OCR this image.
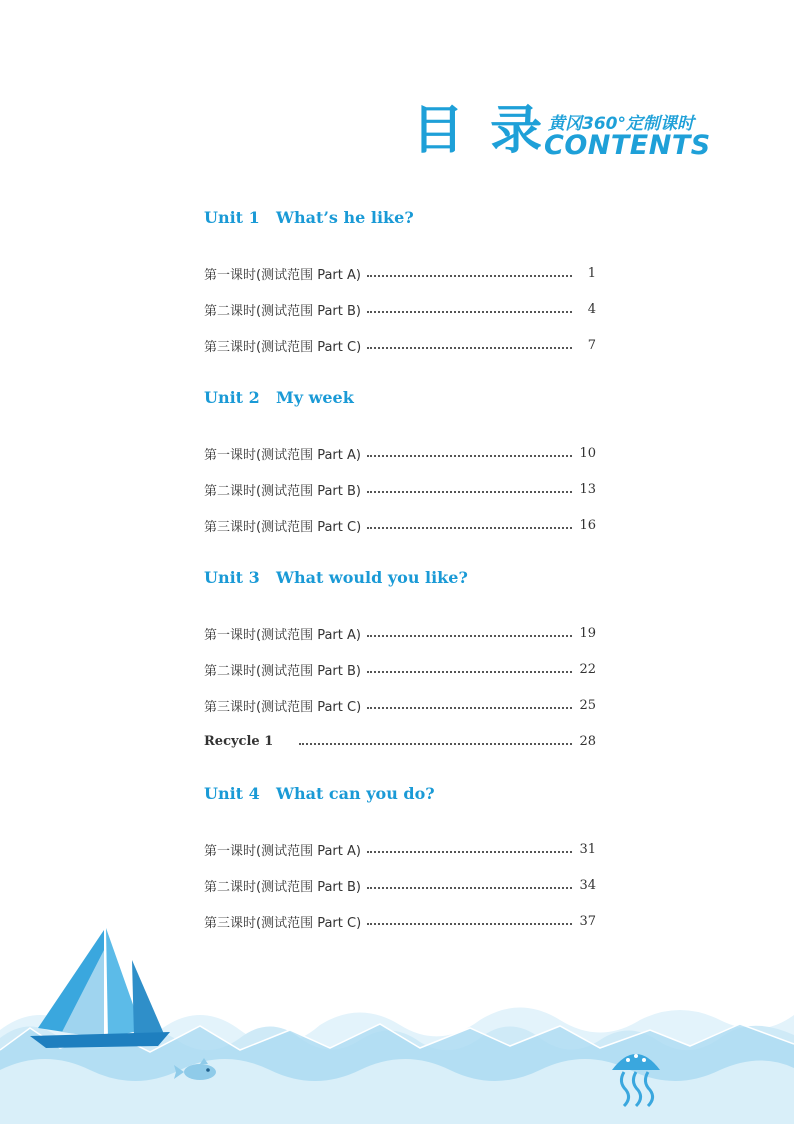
目 录 黄冈360°定制课时
CONTENTS
Unit 1 What’s he like?
第一课时(测试范围 Part A)	1
第二课时(测试范围 Part B)	4
第三课时(测试范围 Part C)	7
Unit 2 My week
第一课时(测试范围 Part A)	10
第二课时(测试范围 Part B)	13
第三课时(测试范围 Part C)	16
Unit 3 What would you like?
第一课时(测试范围 Part A)	19
第二课时(测试范围 Part B)	22
第三课时(测试范围 Part C)	25
Recycle 1	28
Unit 4 What can you do?
第一课时(测试范围 Part A)	31
第二课时(测试范围 Part B)	34
第三课时(测试范围 Part C)	37
